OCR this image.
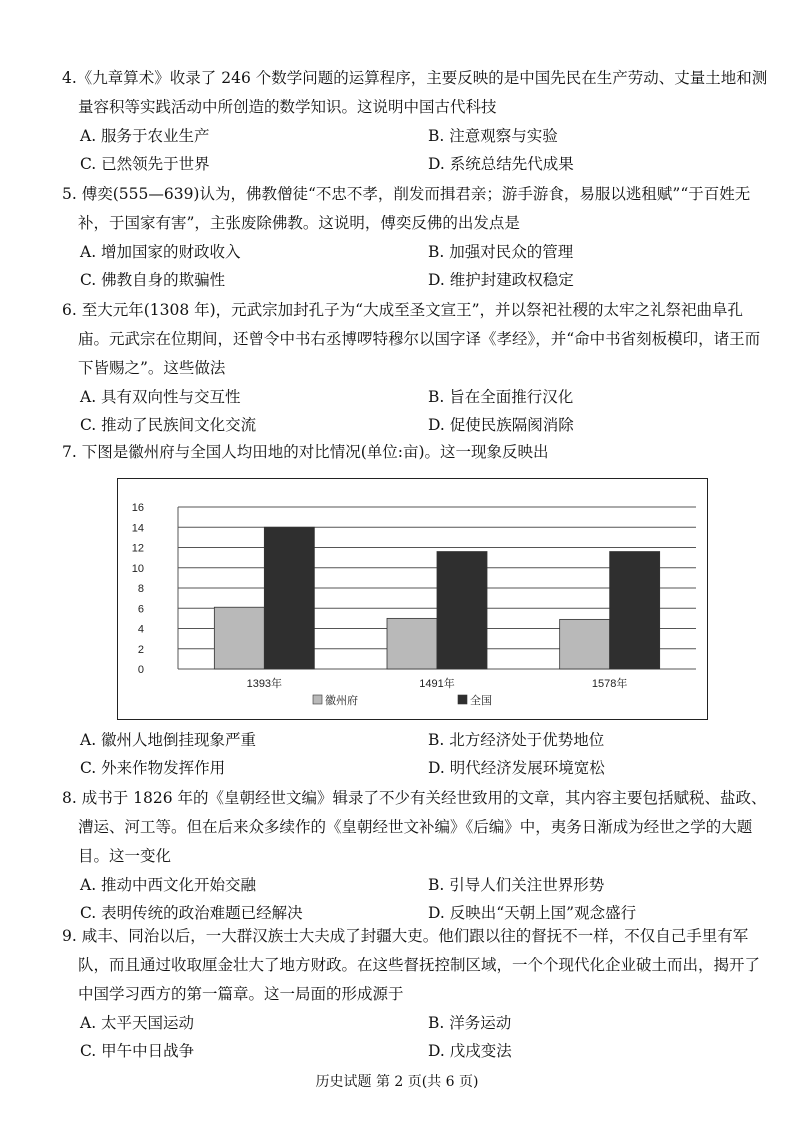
4.《九章算术》收录了 246 个数学问题的运算程序，主要反映的是中国先民在生产劳动、丈量土地和测量容积等实践活动中所创造的数学知识。这说明中国古代科技

A. 服务于农业生产	B. 注意观察与实验
C. 已然领先于世界	D. 系统总结先代成果

5. 傅奕(555—639)认为，佛教僧徒“不忠不孝，削发而揖君亲；游手游食，易服以逃租赋”“于百姓无补，于国家有害”，主张废除佛教。这说明，傅奕反佛的出发点是

A. 增加国家的财政收入	B. 加强对民众的管理
C. 佛教自身的欺骗性	D. 维护封建政权稳定

6. 至大元年(1308 年)，元武宗加封孔子为“大成至圣文宣王”，并以祭祀社稷的太牢之礼祭祀曲阜孔庙。元武宗在位期间，还曾令中书右丞博啰特穆尔以国字译《孝经》，并“命中书省刻板模印，诸王而下皆赐之”。这些做法

A. 具有双向性与交互性	B. 旨在全面推行汉化
C. 推动了民族间文化交流	D. 促使民族隔阂消除

7. 下图是徽州府与全国人均田地的对比情况(单位:亩)。这一现象反映出

0
2
4
6
8
10
12
14
16
1393年	1491年	1578年
徽州府	全国
A. 徽州人地倒挂现象严重	B. 北方经济处于优势地位
C. 外来作物发挥作用	D. 明代经济发展环境宽松

8. 成书于 1826 年的《皇朝经世文编》辑录了不少有关经世致用的文章，其内容主要包括赋税、盐政、漕运、河工等。但在后来众多续作的《皇朝经世文补编》《后编》中，夷务日渐成为经世之学的大题目。这一变化

A. 推动中西文化开始交融	B. 引导人们关注世界形势
C. 表明传统的政治难题已经解决	D. 反映出“天朝上国”观念盛行

9. 咸丰、同治以后，一大群汉族士大夫成了封疆大吏。他们跟以往的督抚不一样，不仅自己手里有军队，而且通过收取厘金壮大了地方财政。在这些督抚控制区域，一个个现代化企业破土而出，揭开了中国学习西方的第一篇章。这一局面的形成源于

A. 太平天国运动	B. 洋务运动
C. 甲午中日战争	D. 戊戌变法
历史试题 第 2 页(共 6 页)
